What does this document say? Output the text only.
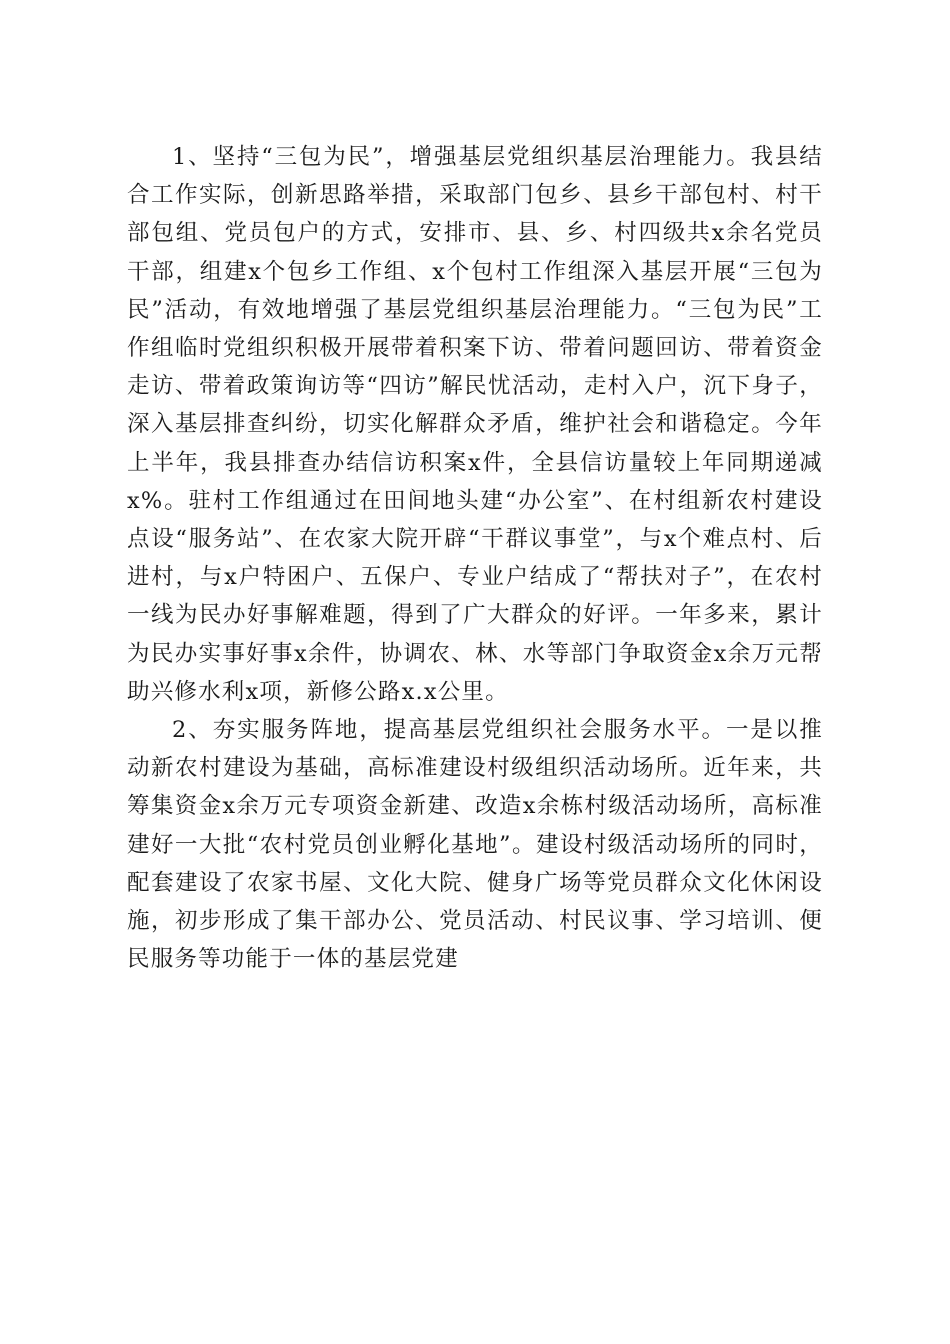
1、坚持“三包为民”，增强基层党组织基层治理能力。我县结合工作实际，创新思路举措，采取部门包乡、县乡干部包村、村干部包组、党员包户的方式，安排市、县、乡、村四级共x余名党员干部，组建x个包乡工作组、x个包村工作组深入基层开展“三包为民”活动，有效地增强了基层党组织基层治理能力。“三包为民”工作组临时党组织积极开展带着积案下访、带着问题回访、带着资金走访、带着政策询访等“四访”解民忧活动，走村入户，沉下身子，深入基层排查纠纷，切实化解群众矛盾，维护社会和谐稳定。今年上半年，我县排查办结信访积案x件，全县信访量较上年同期递减x%。驻村工作组通过在田间地头建“办公室”、在村组新农村建设点设“服务站”、在农家大院开辟“干群议事堂”，与x个难点村、后进村，与x户特困户、五保户、专业户结成了“帮扶对子”，在农村一线为民办好事解难题，得到了广大群众的好评。一年多来，累计为民办实事好事x余件，协调农、林、水等部门争取资金x余万元帮助兴修水利x项，新修公路x.x公里。

2、夯实服务阵地，提高基层党组织社会服务水平。一是以推动新农村建设为基础，高标准建设村级组织活动场所。近年来，共筹集资金x余万元专项资金新建、改造x余栋村级活动场所，高标准建好一大批“农村党员创业孵化基地”。建设村级活动场所的同时，配套建设了农家书屋、文化大院、健身广场等党员群众文化休闲设施，初步形成了集干部办公、党员活动、村民议事、学习培训、便民服务等功能于一体的基层党建
